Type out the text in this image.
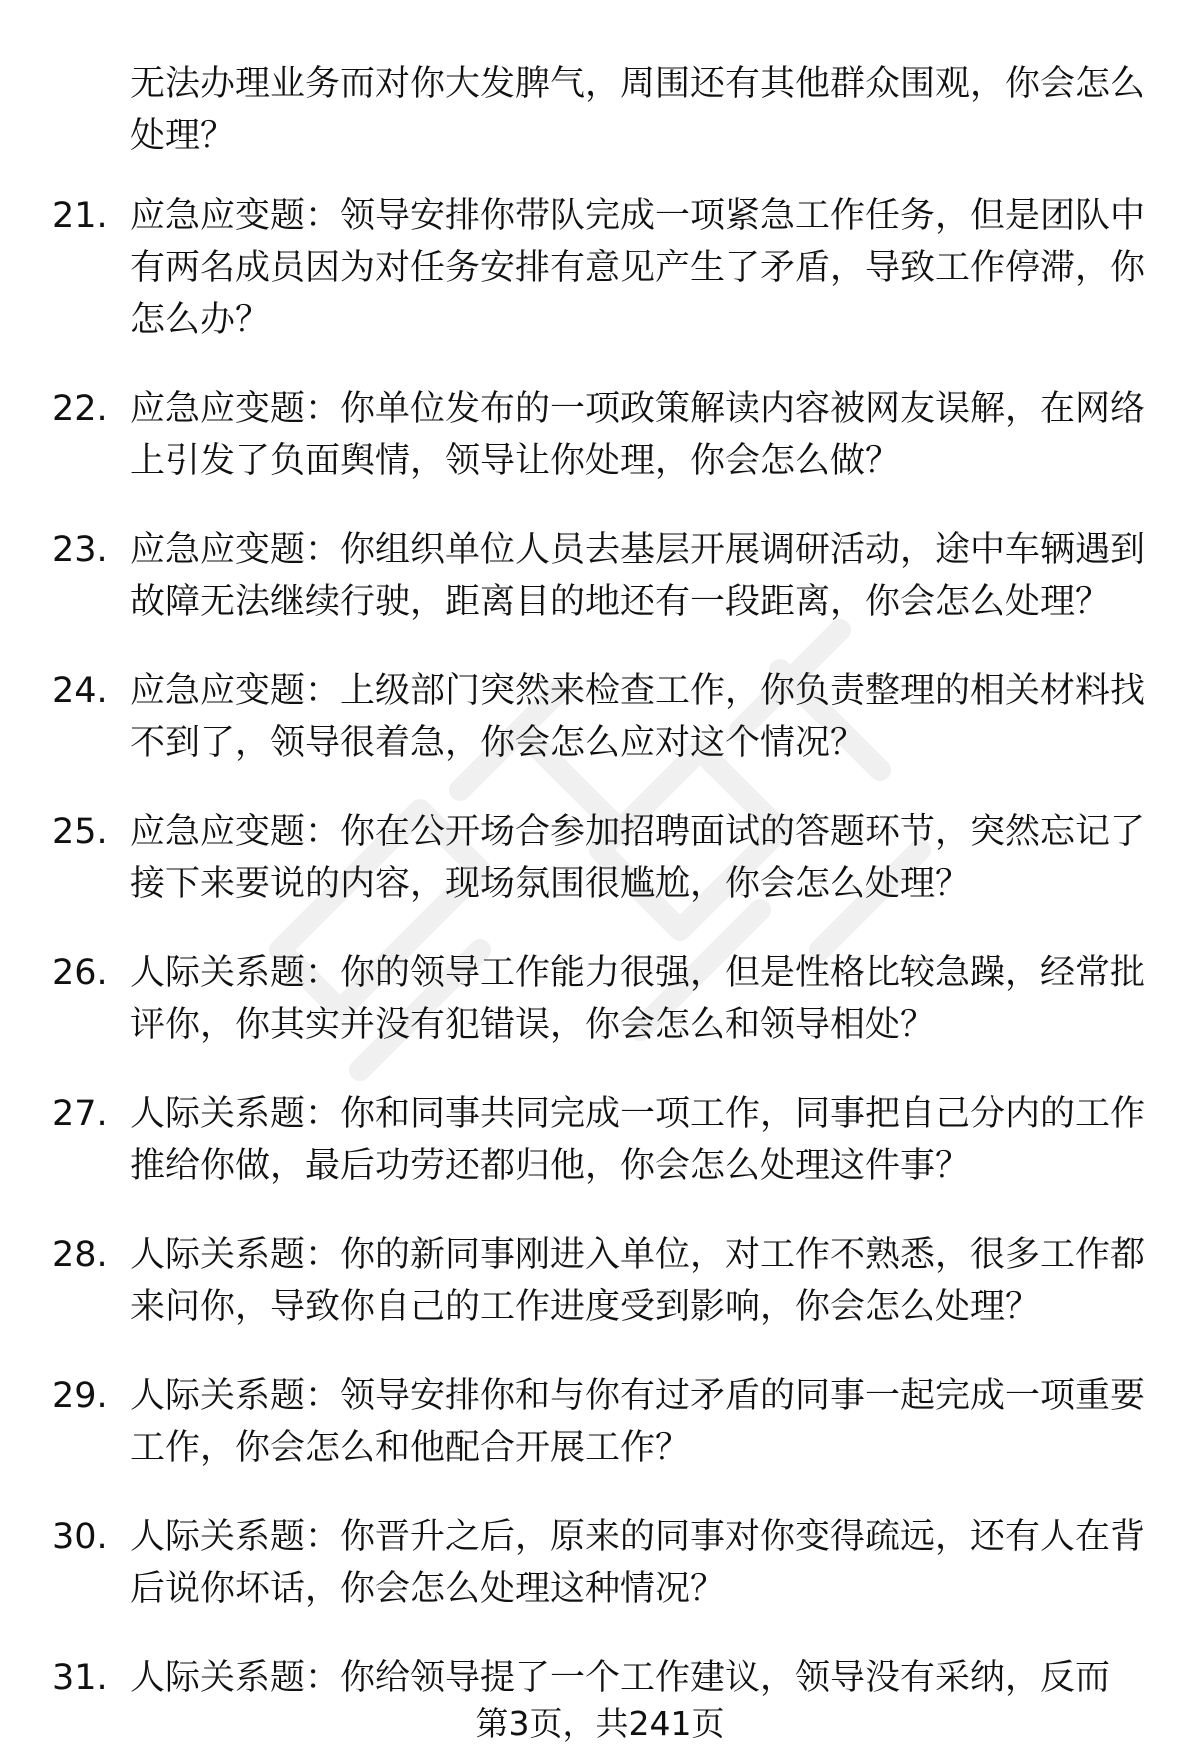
无法办理业务而对你大发脾气，周围还有其他群众围观，你会怎么处理？
21. 应急应变题：领导安排你带队完成一项紧急工作任务，但是团队中有两名成员因为对任务安排有意见产生了矛盾，导致工作停滞，你怎么办？
22. 应急应变题：你单位发布的一项政策解读内容被网友误解，在网络上引发了负面舆情，领导让你处理，你会怎么做？
23. 应急应变题：你组织单位人员去基层开展调研活动，途中车辆遇到故障无法继续行驶，距离目的地还有一段距离，你会怎么处理？
24. 应急应变题：上级部门突然来检查工作，你负责整理的相关材料找不到了，领导很着急，你会怎么应对这个情况？
25. 应急应变题：你在公开场合参加招聘面试的答题环节，突然忘记了接下来要说的内容，现场氛围很尴尬，你会怎么处理？
26. 人际关系题：你的领导工作能力很强，但是性格比较急躁，经常批评你，你其实并没有犯错误，你会怎么和领导相处？
27. 人际关系题：你和同事共同完成一项工作，同事把自己分内的工作推给你做，最后功劳还都归他，你会怎么处理这件事？
28. 人际关系题：你的新同事刚进入单位，对工作不熟悉，很多工作都来问你，导致你自己的工作进度受到影响，你会怎么处理？
29. 人际关系题：领导安排你和与你有过矛盾的同事一起完成一项重要工作，你会怎么和他配合开展工作？
30. 人际关系题：你晋升之后，原来的同事对你变得疏远，还有人在背后说你坏话，你会怎么处理这种情况？
31. 人际关系题：你给领导提了一个工作建议，领导没有采纳，反而
第3页，共241页
